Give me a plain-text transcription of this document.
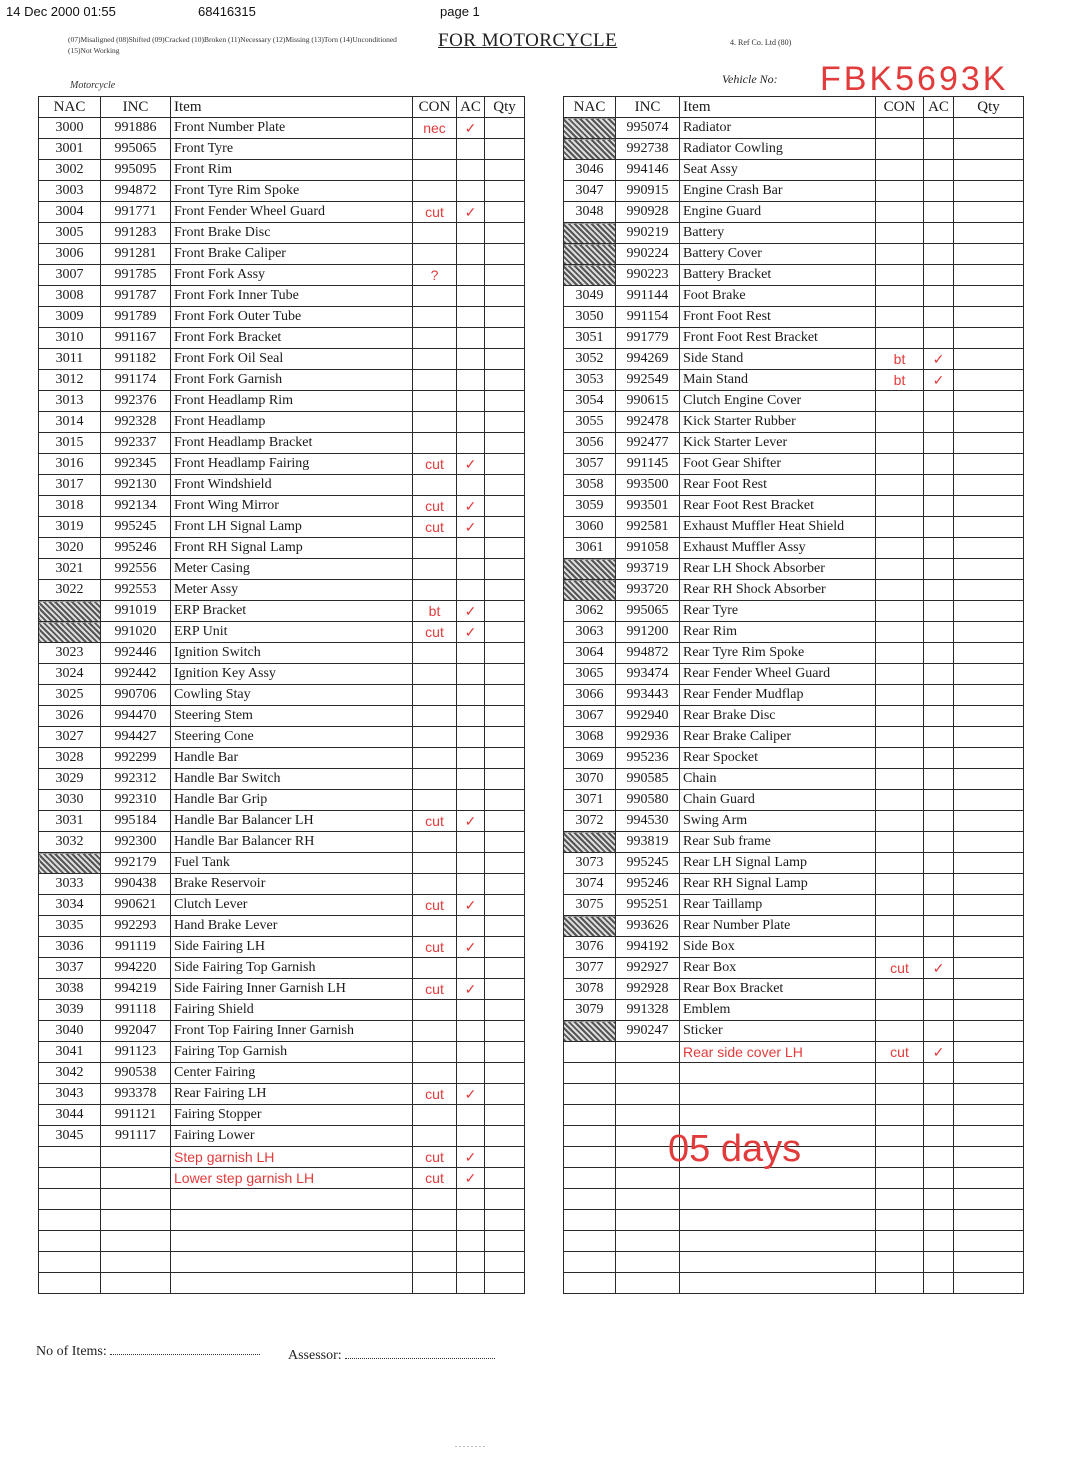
14 Dec 2000 01:55	68416315	page 1
(07)Misaligned (08)Shifted (09)Cracked (10)Broken (11)Necessary (12)Missing (13)Torn (14)Unconditioned (15)Not Working	FOR MOTORCYCLE	4. Ref Co. Ltd (80)
Vehicle No: FBK5693K
Motorcycle
NAC	INC	Item	CON	AC	Qty
3000	991886	Front Number Plate	nec	✓	
3001	995065	Front Tyre			
3002	995095	Front Rim			
3003	994872	Front Tyre Rim Spoke			
3004	991771	Front Fender Wheel Guard	cut	✓	
3005	991283	Front Brake Disc			
3006	991281	Front Brake Caliper			
3007	991785	Front Fork Assy	?		
3008	991787	Front Fork Inner Tube			
3009	991789	Front Fork Outer Tube			
3010	991167	Front Fork Bracket			
3011	991182	Front Fork Oil Seal			
3012	991174	Front Fork Garnish			
3013	992376	Front Headlamp Rim			
3014	992328	Front Headlamp			
3015	992337	Front Headlamp Bracket			
3016	992345	Front Headlamp Fairing	cut	✓	
3017	992130	Front Windshield			
3018	992134	Front Wing Mirror	cut	✓	
3019	995245	Front LH Signal Lamp	cut	✓	
3020	995246	Front RH Signal Lamp			
3021	992556	Meter Casing			
3022	992553	Meter Assy			
	991019	ERP Bracket	bt	✓	
	991020	ERP Unit	cut	✓	
3023	992446	Ignition Switch			
3024	992442	Ignition Key Assy			
3025	990706	Cowling Stay			
3026	994470	Steering Stem			
3027	994427	Steering Cone			
3028	992299	Handle Bar			
3029	992312	Handle Bar Switch			
3030	992310	Handle Bar Grip			
3031	995184	Handle Bar Balancer LH	cut	✓	
3032	992300	Handle Bar Balancer RH			
	992179	Fuel Tank			
3033	990438	Brake Reservoir			
3034	990621	Clutch Lever	cut	✓	
3035	992293	Hand Brake Lever			
3036	991119	Side Fairing LH	cut	✓	
3037	994220	Side Fairing Top Garnish			
3038	994219	Side Fairing Inner Garnish LH	cut	✓	
3039	991118	Fairing Shield			
3040	992047	Front Top Fairing Inner Garnish			
3041	991123	Fairing Top Garnish			
3042	990538	Center Fairing			
3043	993378	Rear Fairing LH	cut	✓	
3044	991121	Fairing Stopper			
3045	991117	Fairing Lower			
		Step garnish LH	cut	✓	
		Lower step garnish LH	cut	✓	

NAC	INC	Item	CON	AC	Qty
	995074	Radiator			
	992738	Radiator Cowling			
3046	994146	Seat Assy			
3047	990915	Engine Crash Bar			
3048	990928	Engine Guard			
	990219	Battery			
	990224	Battery Cover			
	990223	Battery Bracket			
3049	991144	Foot Brake			
3050	991154	Front Foot Rest			
3051	991779	Front Foot Rest Bracket			
3052	994269	Side Stand	bt	✓	
3053	992549	Main Stand	bt	✓	
3054	990615	Clutch Engine Cover			
3055	992478	Kick Starter Rubber			
3056	992477	Kick Starter Lever			
3057	991145	Foot Gear Shifter			
3058	993500	Rear Foot Rest			
3059	993501	Rear Foot Rest Bracket			
3060	992581	Exhaust Muffler Heat Shield			
3061	991058	Exhaust Muffler Assy			
	993719	Rear LH Shock Absorber			
	993720	Rear RH Shock Absorber			
3062	995065	Rear Tyre			
3063	991200	Rear Rim			
3064	994872	Rear Tyre Rim Spoke			
3065	993474	Rear Fender Wheel Guard			
3066	993443	Rear Fender Mudflap			
3067	992940	Rear Brake Disc			
3068	992936	Rear Brake Caliper			
3069	995236	Rear Spocket			
3070	990585	Chain			
3071	990580	Chain Guard			
3072	994530	Swing Arm			
	993819	Rear Sub frame			
3073	995245	Rear LH Signal Lamp			
3074	995246	Rear RH Signal Lamp			
3075	995251	Rear Taillamp			
	993626	Rear Number Plate			
3076	994192	Side Box			
3077	992927	Rear Box	cut	✓	
3078	992928	Rear Box Bracket			
3079	991328	Emblem			
	990247	Sticker			
		Rear side cover LH	cut	✓	

05 days
No of Items:	Assessor:
........
